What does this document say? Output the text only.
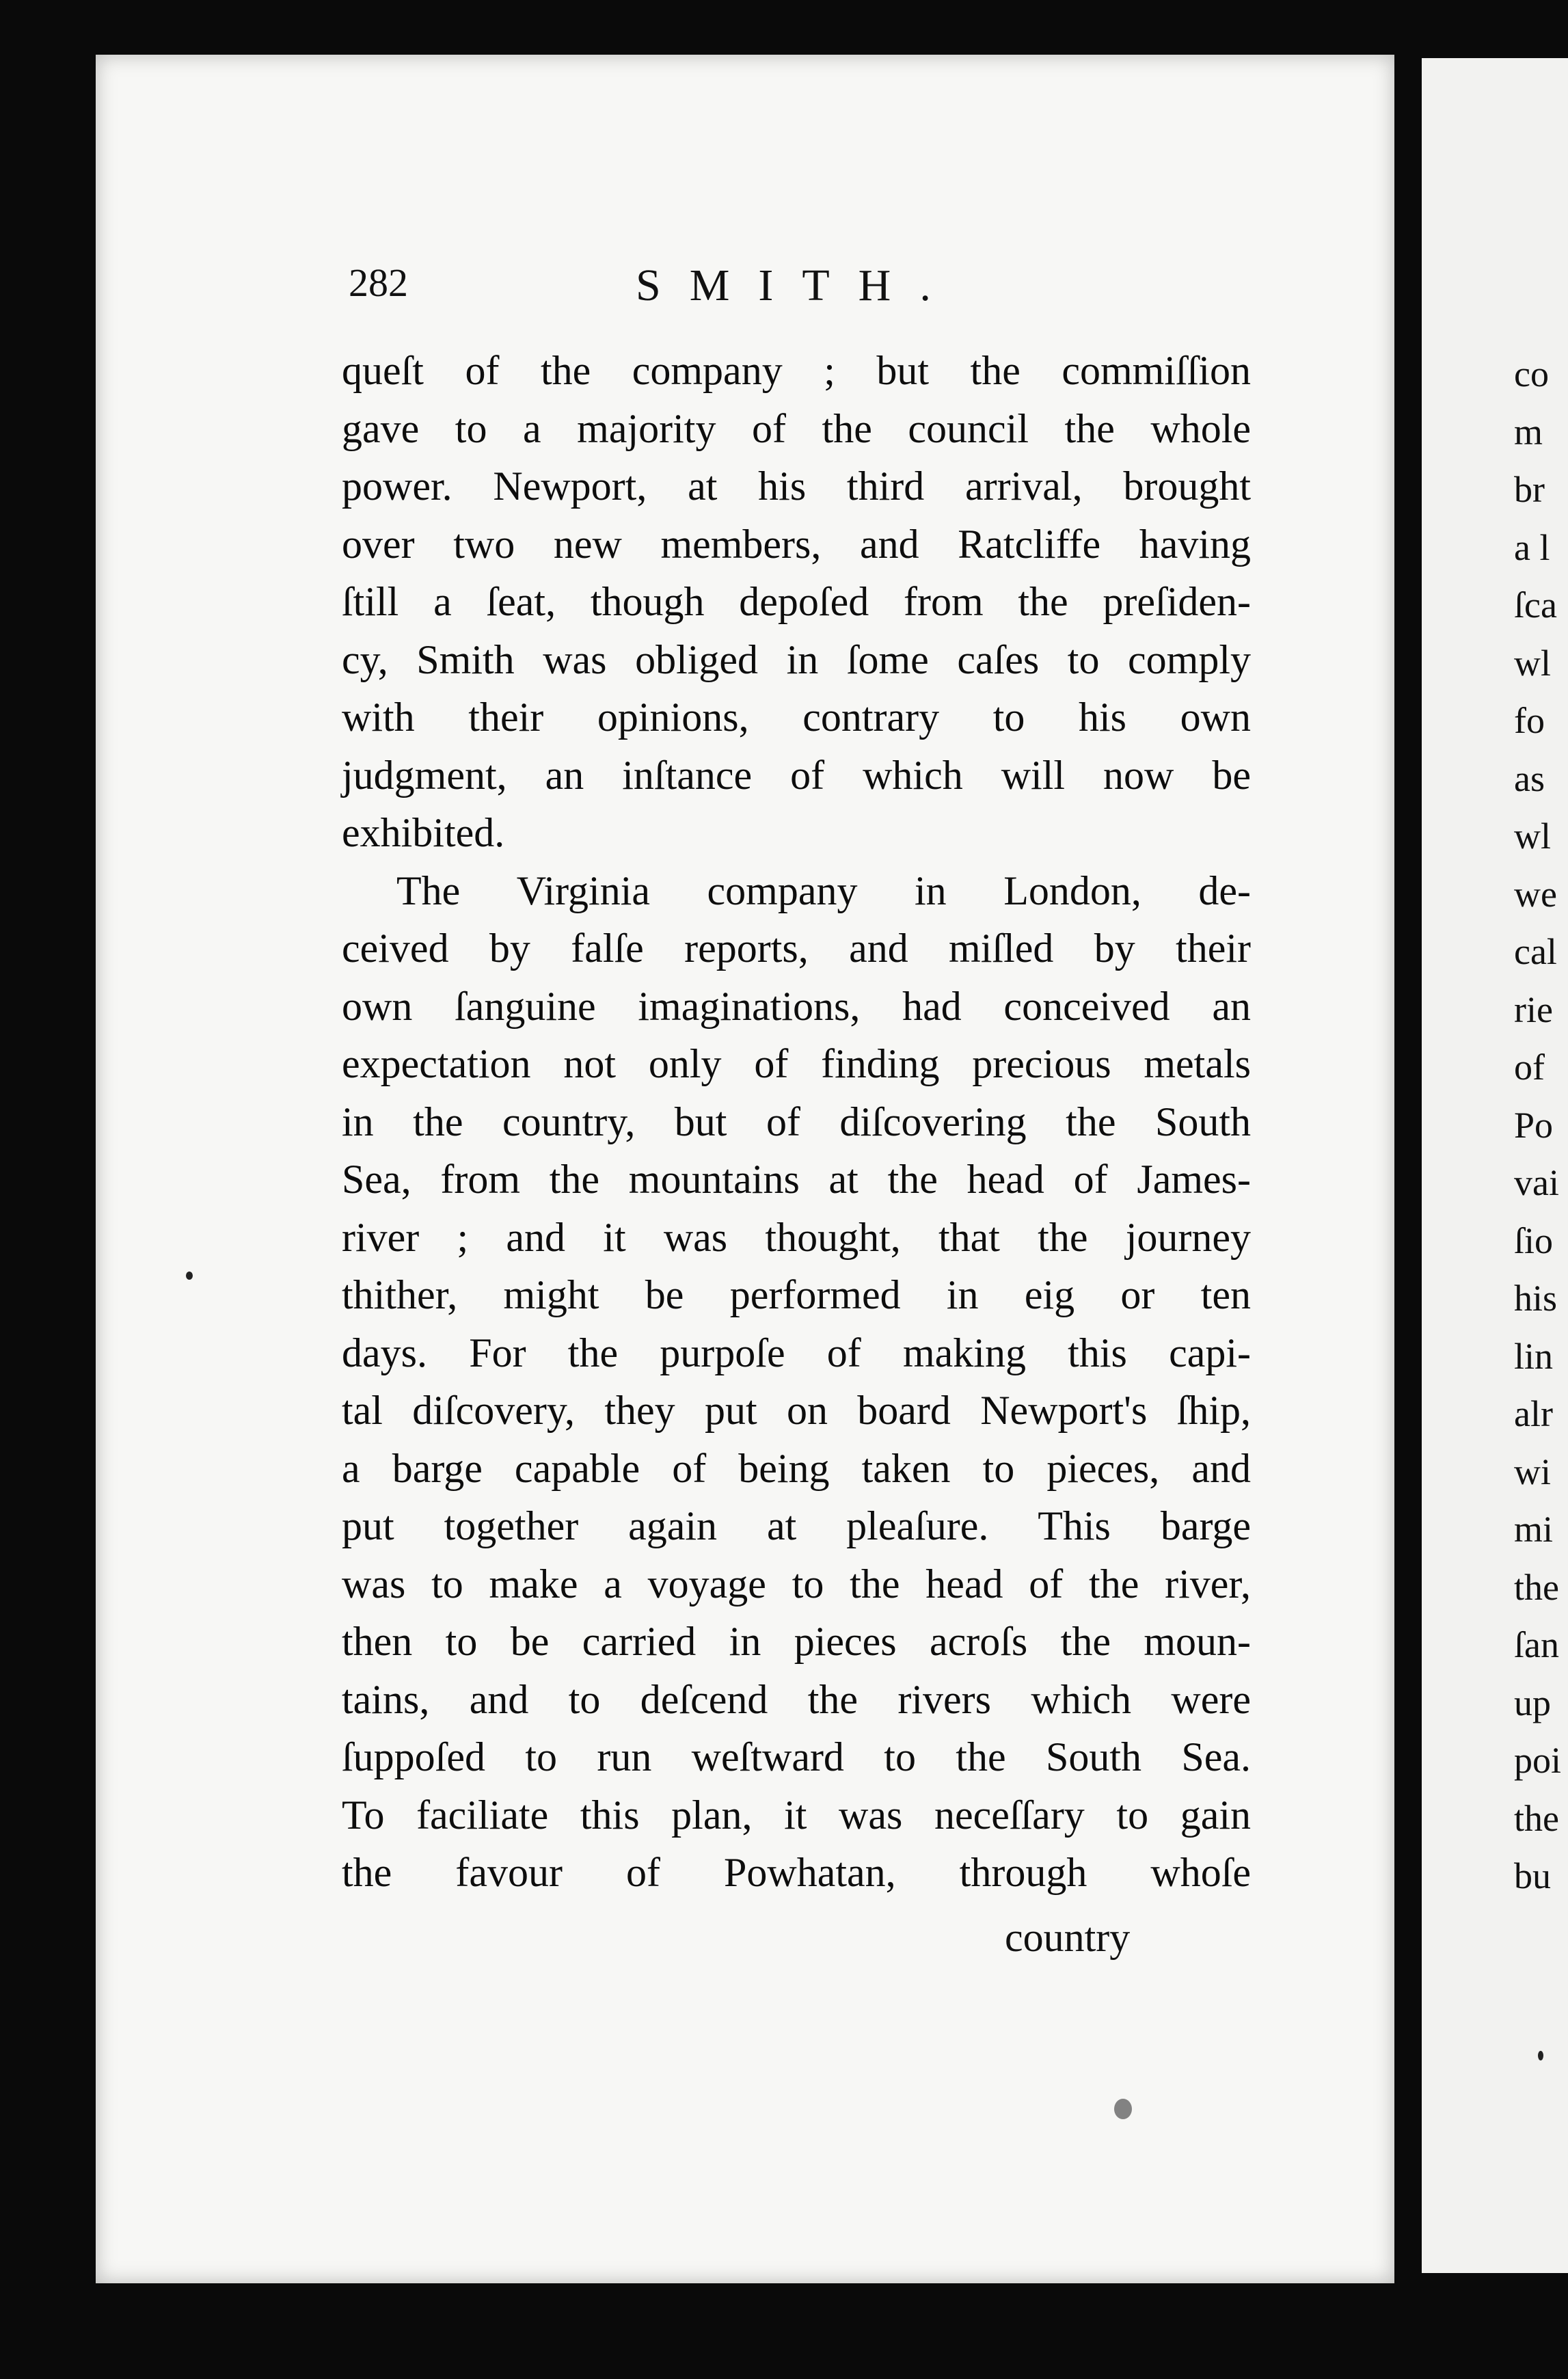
co
m
br
a l
ſca
wl
fo
as
wl
we
cal
rie
of
Po
vai
ſio
his
lin
alr
wi
mi
the
ſan
up
poi
the
bu
282	SMITH.
queſt of the company ; but the commiſſion
gave to a majority of the council the whole
power. Newport, at his third arrival, brought
over two new members, and Ratcliffe having
ſtill a ſeat, though depoſed from the preſiden-
cy, Smith was obliged in ſome caſes to comply
with their opinions, contrary to his own
judgment, an inſtance of which will now be
exhibited.
The Virginia company in London, de-
ceived by falſe reports, and miſled by their
own ſanguine imaginations, had conceived an
expectation not only of finding precious metals
in the country, but of diſcovering the South
Sea, from the mountains at the head of James-
river ; and it was thought, that the journey
thither, might be performed in eig or ten
days. For the purpoſe of making this capi-
tal diſcovery, they put on board Newport's ſhip,
a barge capable of being taken to pieces, and
put together again at pleaſure. This barge
was to make a voyage to the head of the river,
then to be carried in pieces acroſs the moun-
tains, and to deſcend the rivers which were
ſuppoſed to run weſtward to the South Sea.
To faciliate this plan, it was neceſſary to gain
the favour of Powhatan, through whoſe
country
